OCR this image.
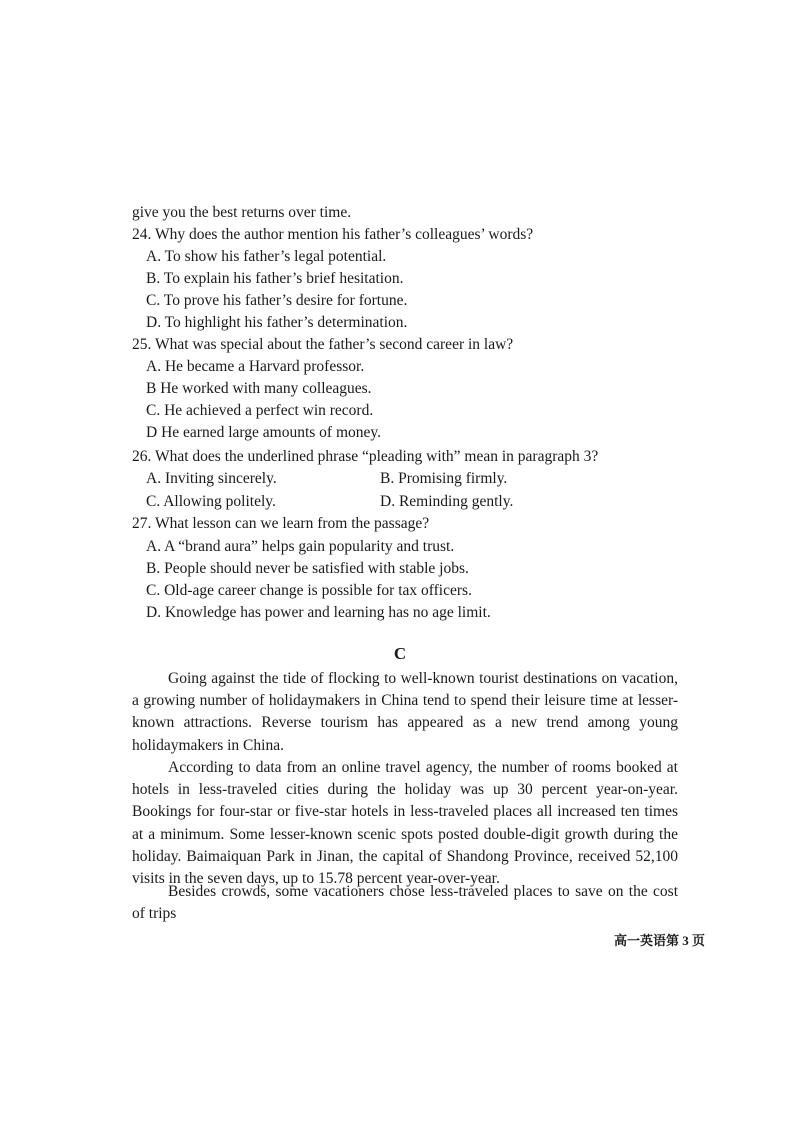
give you the best returns over time.
24. Why does the author mention his father’s colleagues’ words?
A. To show his father’s legal potential.
B. To explain his father’s brief hesitation.
C. To prove his father’s desire for fortune.
D. To highlight his father’s determination.
25. What was special about the father’s second career in law?
A. He became a Harvard professor.
B He worked with many colleagues.
C. He achieved a perfect win record.
D He earned large amounts of money.
26. What does the underlined phrase “pleading with” mean in paragraph 3?
A. Inviting sincerely.	B. Promising firmly.
C. Allowing politely.	D. Reminding gently.
27. What lesson can we learn from the passage?
A. A “brand aura” helps gain popularity and trust.
B. People should never be satisfied with stable jobs.
C. Old-age career change is possible for tax officers.
D. Knowledge has power and learning has no age limit.
C
Going against the tide of flocking to well-known tourist destinations on vacation, a growing number of holidaymakers in China tend to spend their leisure time at lesser-known attractions. Reverse tourism has appeared as a new trend among young holidaymakers in China.
According to data from an online travel agency, the number of rooms booked at hotels in less-traveled cities during the holiday was up 30 percent year-on-year. Bookings for four-star or five-star hotels in less-traveled places all increased ten times at a minimum. Some lesser-known scenic spots posted double-digit growth during the holiday. Baimaiquan Park in Jinan, the capital of Shandong Province, received 52,100 visits in the seven days, up to 15.78 percent year-over-year.
Besides crowds, some vacationers chose less-traveled places to save on the cost of trips
高一英语第 3 页
